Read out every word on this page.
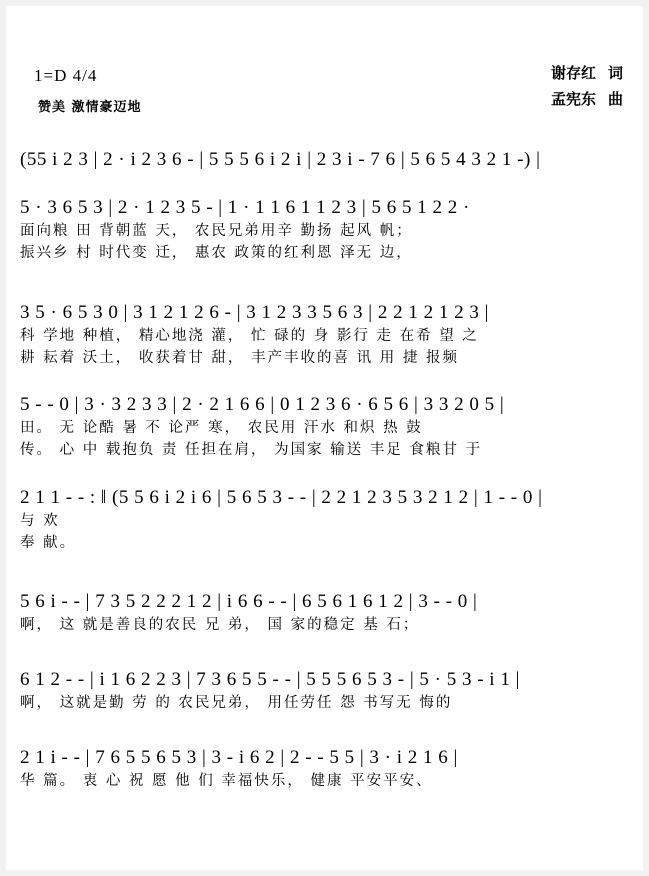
1=D 4/4
赞美 激情豪迈地
谢存红 词
孟宪东 曲
(55 i 2 3 | 2 · i 2 3 6 - | 5 5 5 6 i 2 i | 2 3 i - 7 6 | 5 6 5 4 3 2 1 -) |
5 · 3 6 5 3 | 2 · 1 2 3 5 - | 1 · 1 1 6 1 1 2 3 | 5 6 5 1 2 2 ·
面向粮 田 背朝蓝 天， 农民兄弟用辛 勤扬 起风 帆；
振兴乡 村 时代变 迁， 惠农 政策的红利恩 泽无 边，
3 5 · 6 5 3 0 | 3 1 2 1 2 6 - | 3 1 2 3 3 5 6 3 | 2 2 1 2 1 2 3 |
科 学地 种植， 精心地浇 灌， 忙 碌的 身 影行 走 在希 望 之
耕 耘着 沃土， 收获着甘 甜， 丰产丰收的喜 讯 用 捷 报频
5 - - 0 | 3 · 3 2 3 3 | 2 · 2 1 6 6 | 0 1 2 3 6 · 6 5 6 | 3 3 2 0 5 |
田。 无 论酷 暑 不 论严 寒， 农民用 汗水 和炽 热 鼓
传。 心 中 载抱负 责 任担在肩， 为国家 输送 丰足 食粮甘 于
2 1 1 - - : ‖ (5 5 6 i 2 i 6 | 5 6 5 3 - - | 2 2 1 2 3 5 3 2 1 2 | 1 - - 0 |
与 欢
奉 献。
5 6 i - - | 7 3 5 2 2 2 1 2 | i 6 6 - - | 6 5 6 1 6 1 2 | 3 - - 0 |
啊， 这 就是善良的农民 兄 弟， 国 家的稳定 基 石；
6 1 2 - - | i 1 6 2 2 3 | 7 3 6 5 5 - - | 5 5 5 6 5 3 - | 5 · 5 3 - i 1 |
啊， 这就是勤 劳 的 农民兄弟， 用任劳任 怨 书写无 悔的
2 1 i - - | 7 6 5 5 6 5 3 | 3 - i 6 2 | 2 - - 5 5 | 3 · i 2 1 6 |
华 篇。 衷 心 祝 愿 他 们 幸福快乐， 健康 平安平安、
